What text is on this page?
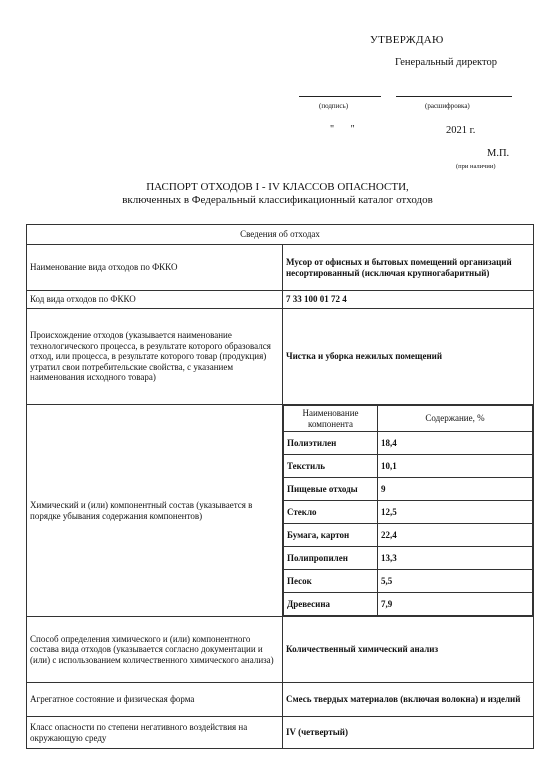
УТВЕРЖДАЮ
Генеральный директор
(подпись)	(расшифровка)
" "	2021 г.
М.П.
(при наличии)
ПАСПОРТ ОТХОДОВ I - IV КЛАССОВ ОПАСНОСТИ,
включенных в Федеральный классификационный каталог отходов
Сведения об отходах
Наименование вида отходов по ФККО	Мусор от офисных и бытовых помещений организаций несортированный (исключая крупногабаритный)
Код вида отходов по ФККО	7 33 100 01 72 4
Происхождение отходов (указывается наименование технологического процесса, в результате которого образовался отход, или процесса, в результате которого товар (продукция) утратил свои потребительские свойства, с указанием наименования исходного товара)	Чистка и уборка нежилых помещений
Химический и (или) компонентный состав (указывается в порядке убывания содержания компонентов)	
Наименование компонента	Содержание, %
Полиэтилен	18,4
Текстиль	10,1
Пищевые отходы	9
Стекло	12,5
Бумага, картон	22,4
Полипропилен	13,3
Песок	5,5
Древесина	7,9

Способ определения химического и (или) компонентного состава вида отходов (указывается согласно документации и (или) с использованием количественного химического анализа)	Количественный химический анализ
Агрегатное состояние и физическая форма	Смесь твердых материалов (включая волокна) и изделий
Класс опасности по степени негативного воздействия на окружающую среду	IV (четвертый)
